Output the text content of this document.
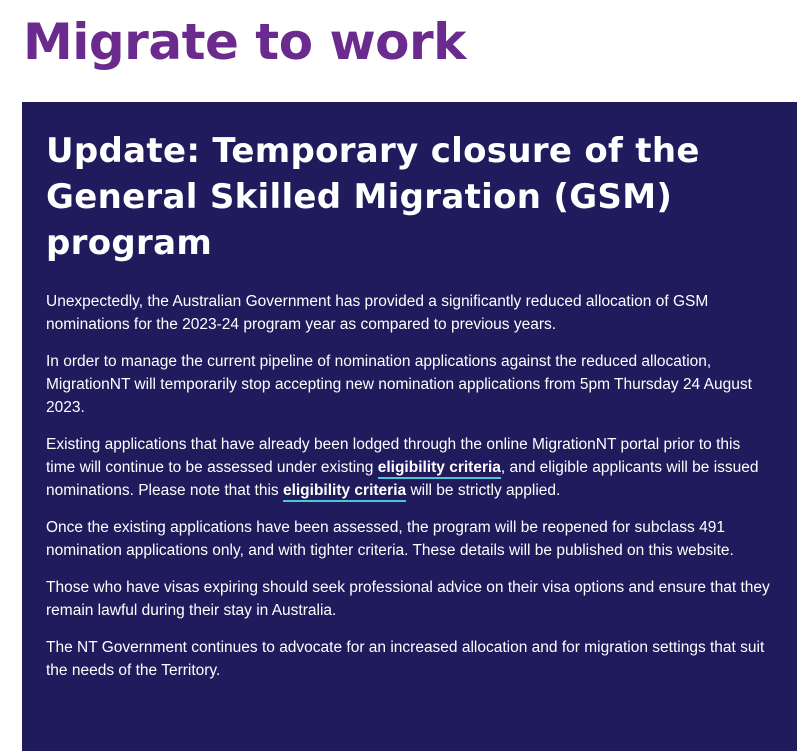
Migrate to work
Update: Temporary closure of the General Skilled Migration (GSM) program

Unexpectedly, the Australian Government has provided a significantly reduced allocation of GSM nominations for the 2023-24 program year as compared to previous years.

In order to manage the current pipeline of nomination applications against the reduced allocation, MigrationNT will temporarily stop accepting new nomination applications from 5pm Thursday 24 August 2023.

Existing applications that have already been lodged through the online MigrationNT portal prior to this time will continue to be assessed under existing eligibility criteria, and eligible applicants will be issued nominations. Please note that this eligibility criteria will be strictly applied.

Once the existing applications have been assessed, the program will be reopened for subclass 491 nomination applications only, and with tighter criteria. These details will be published on this website.

Those who have visas expiring should seek professional advice on their visa options and ensure that they remain lawful during their stay in Australia.

The NT Government continues to advocate for an increased allocation and for migration settings that suit the needs of the Territory.
